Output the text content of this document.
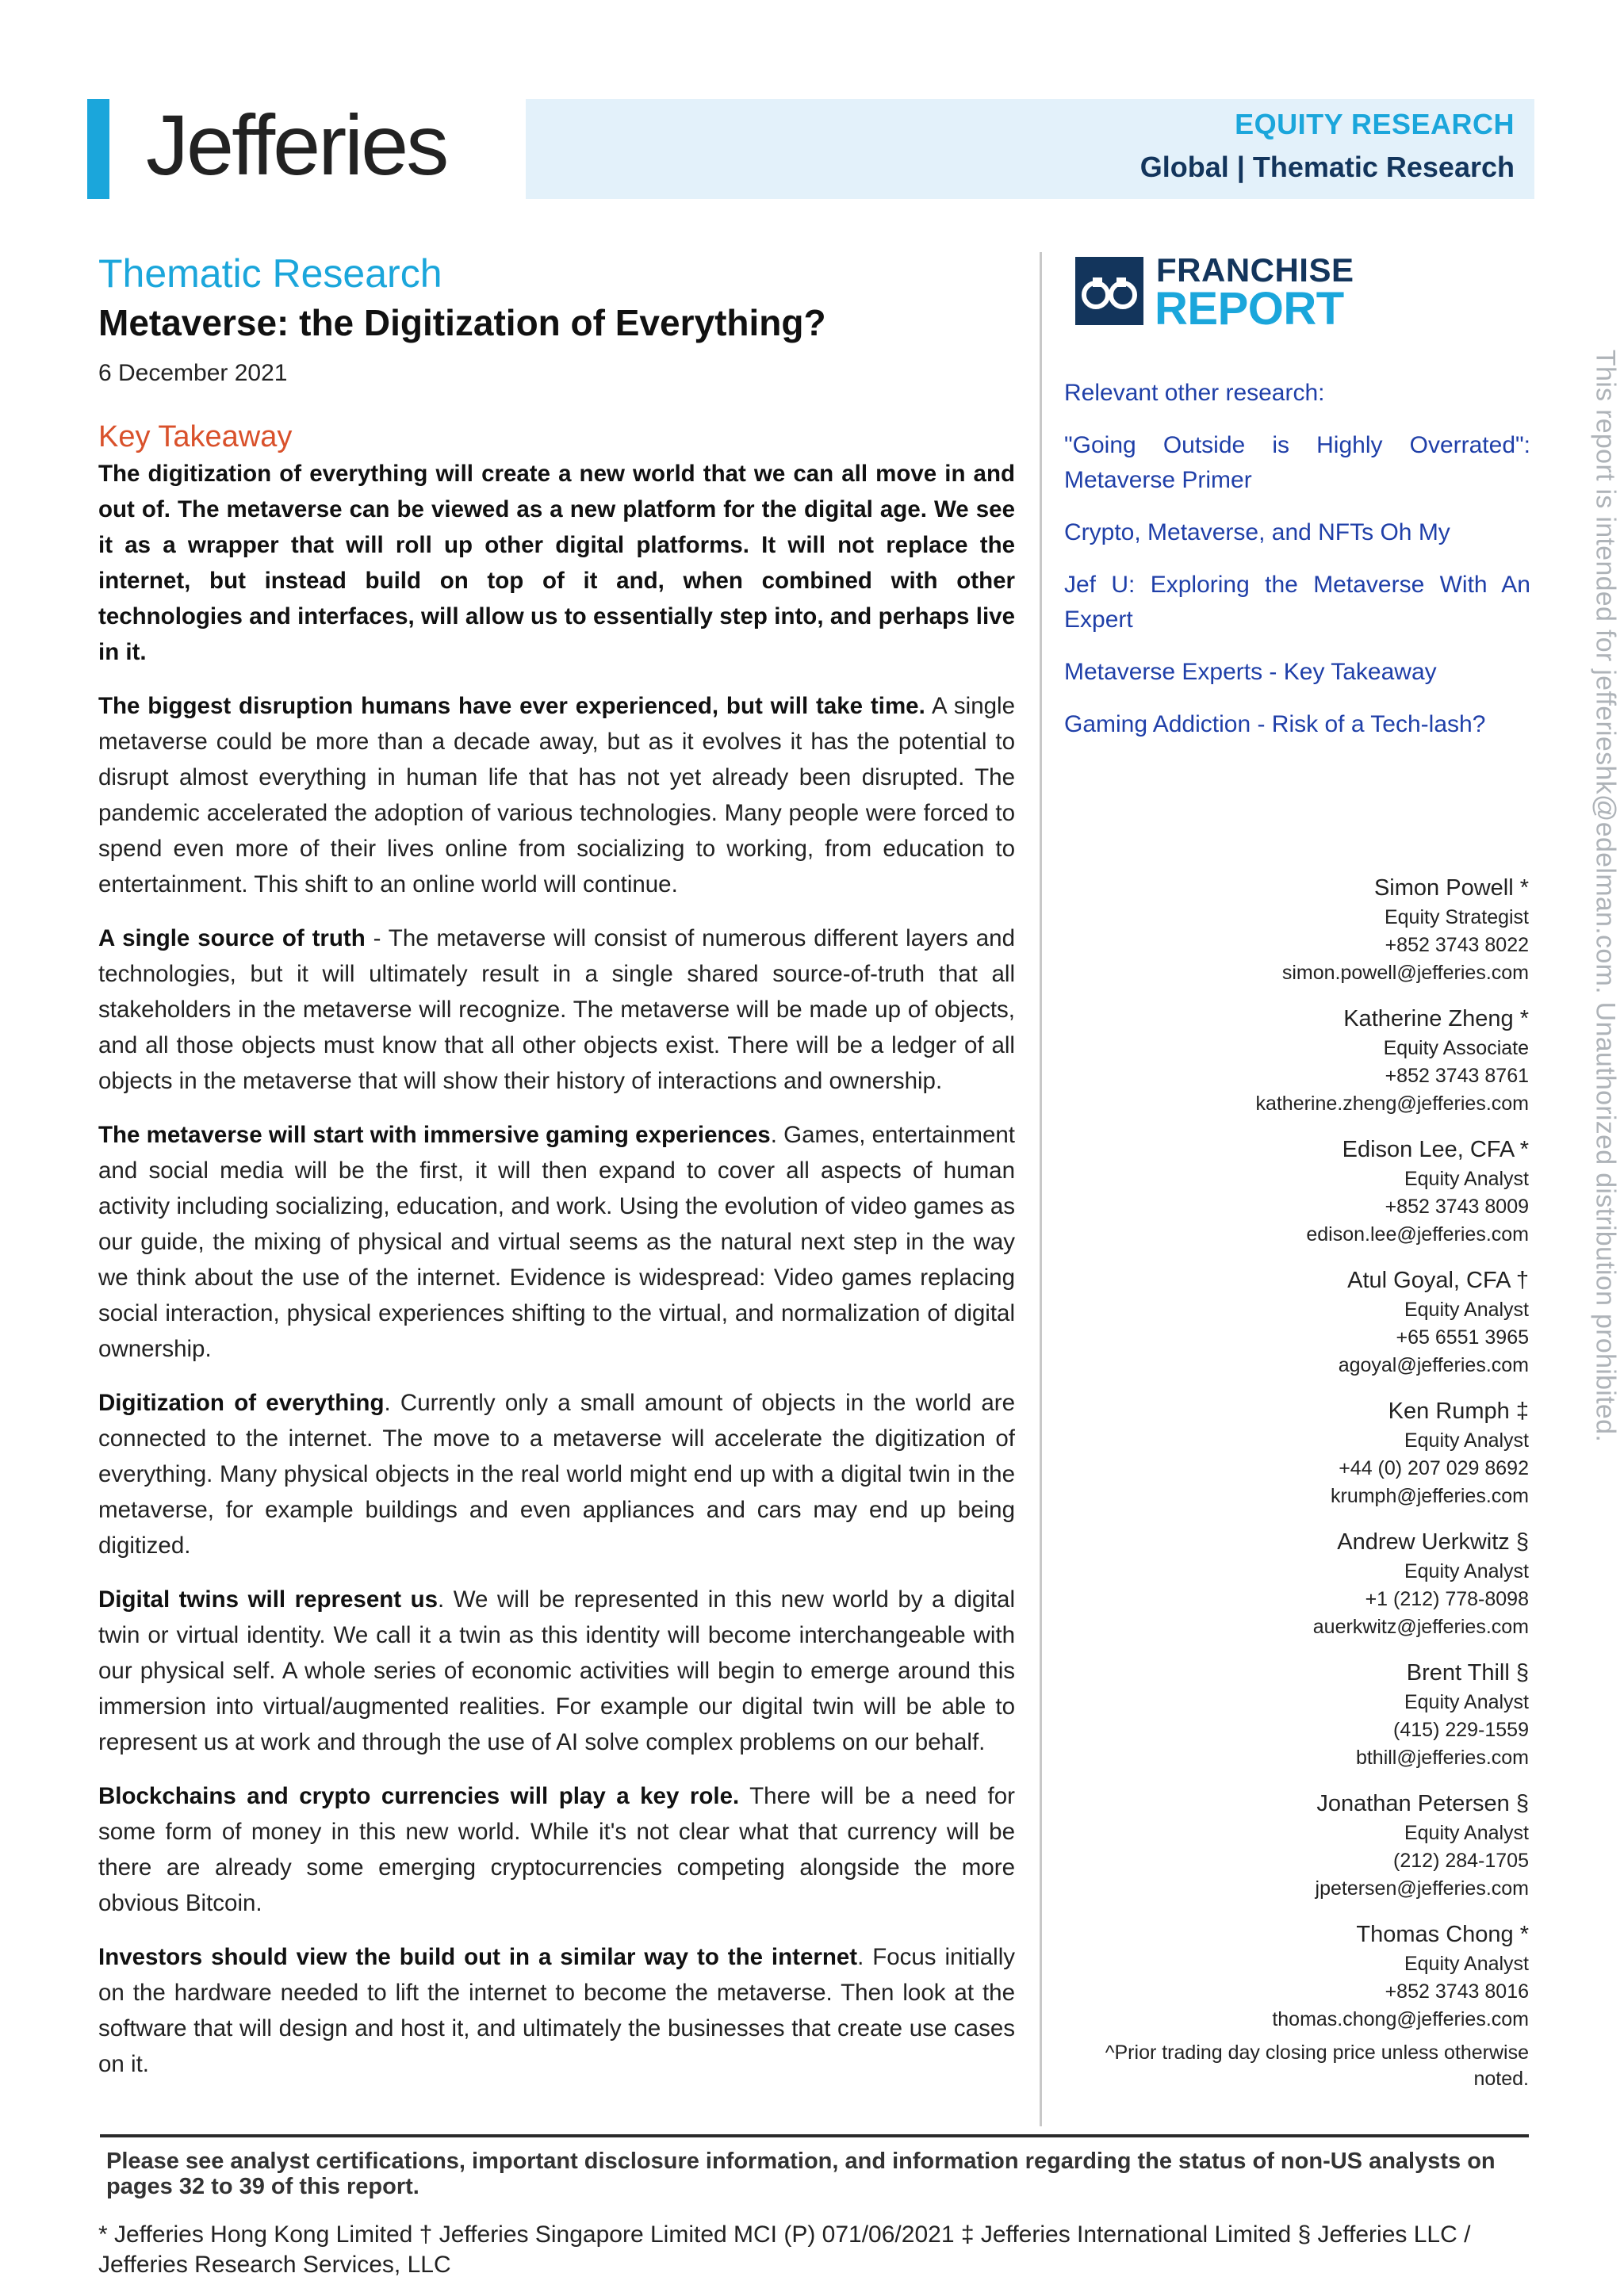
Jefferies	EQUITY RESEARCH
Global | Thematic Research
Thematic Research
Metaverse: the Digitization of Everything?
6 December 2021
Key Takeaway

The digitization of everything will create a new world that we can all move in and out of. The metaverse can be viewed as a new platform for the digital age. We see it as a wrapper that will roll up other digital platforms. It will not replace the internet, but instead build on top of it and, when combined with other technologies and interfaces, will allow us to essentially step into, and perhaps live in it.

The biggest disruption humans have ever experienced, but will take time. A single metaverse could be more than a decade away, but as it evolves it has the potential to disrupt almost everything in human life that has not yet already been disrupted. The pandemic accelerated the adoption of various technologies. Many people were forced to spend even more of their lives online from socializing to working, from education to entertainment. This shift to an online world will continue.

A single source of truth - The metaverse will consist of numerous different layers and technologies, but it will ultimately result in a single shared source-of-truth that all stakeholders in the metaverse will recognize. The metaverse will be made up of objects, and all those objects must know that all other objects exist. There will be a ledger of all objects in the metaverse that will show their history of interactions and ownership.

The metaverse will start with immersive gaming experiences. Games, entertainment and social media will be the first, it will then expand to cover all aspects of human activity including socializing, education, and work. Using the evolution of video games as our guide, the mixing of physical and virtual seems as the natural next step in the way we think about the use of the internet. Evidence is widespread: Video games replacing social interaction, physical experiences shifting to the virtual, and normalization of digital ownership.

Digitization of everything. Currently only a small amount of objects in the world are connected to the internet. The move to a metaverse will accelerate the digitization of everything. Many physical objects in the real world might end up with a digital twin in the metaverse, for example buildings and even appliances and cars may end up being digitized.

Digital twins will represent us. We will be represented in this new world by a digital twin or virtual identity. We call it a twin as this identity will become interchangeable with our physical self. A whole series of economic activities will begin to emerge around this immersion into virtual/augmented realities. For example our digital twin will be able to represent us at work and through the use of AI solve complex problems on our behalf.

Blockchains and crypto currencies will play a key role. There will be a need for some form of money in this new world. While it's not clear what that currency will be there are already some emerging cryptocurrencies competing alongside the more obvious Bitcoin.

Investors should view the build out in a similar way to the internet. Focus initially on the hardware needed to lift the internet to become the metaverse. Then look at the software that will design and host it, and ultimately the businesses that create use cases on it.

FRANCHISE
REPORT
Relevant other research:
"Going Outside is Highly Overrated": Metaverse Primer
Crypto, Metaverse, and NFTs Oh My
Jef U: Exploring the Metaverse With An Expert
Metaverse Experts - Key Takeaway
Gaming Addiction - Risk of a Tech-lash?
Simon Powell *
Equity Strategist
+852 3743 8022
simon.powell@jefferies.com
Katherine Zheng *
Equity Associate
+852 3743 8761
katherine.zheng@jefferies.com
Edison Lee, CFA *
Equity Analyst
+852 3743 8009
edison.lee@jefferies.com
Atul Goyal, CFA †
Equity Analyst
+65 6551 3965
agoyal@jefferies.com
Ken Rumph ‡
Equity Analyst
+44 (0) 207 029 8692
krumph@jefferies.com
Andrew Uerkwitz §
Equity Analyst
+1 (212) 778-8098
auerkwitz@jefferies.com
Brent Thill §
Equity Analyst
(415) 229-1559
bthill@jefferies.com
Jonathan Petersen §
Equity Analyst
(212) 284-1705
jpetersen@jefferies.com
Thomas Chong *
Equity Analyst
+852 3743 8016
thomas.chong@jefferies.com
^Prior trading day closing price unless otherwise noted.
This report is intended for jefferieshk@edelman.com. Unauthorized distribution prohibited.
Please see analyst certifications, important disclosure information, and information regarding the status of non-US analysts on pages 32 to 39 of this report.
* Jefferies Hong Kong Limited † Jefferies Singapore Limited MCI (P) 071/06/2021 ‡ Jefferies International Limited § Jefferies LLC / Jefferies Research Services, LLC
